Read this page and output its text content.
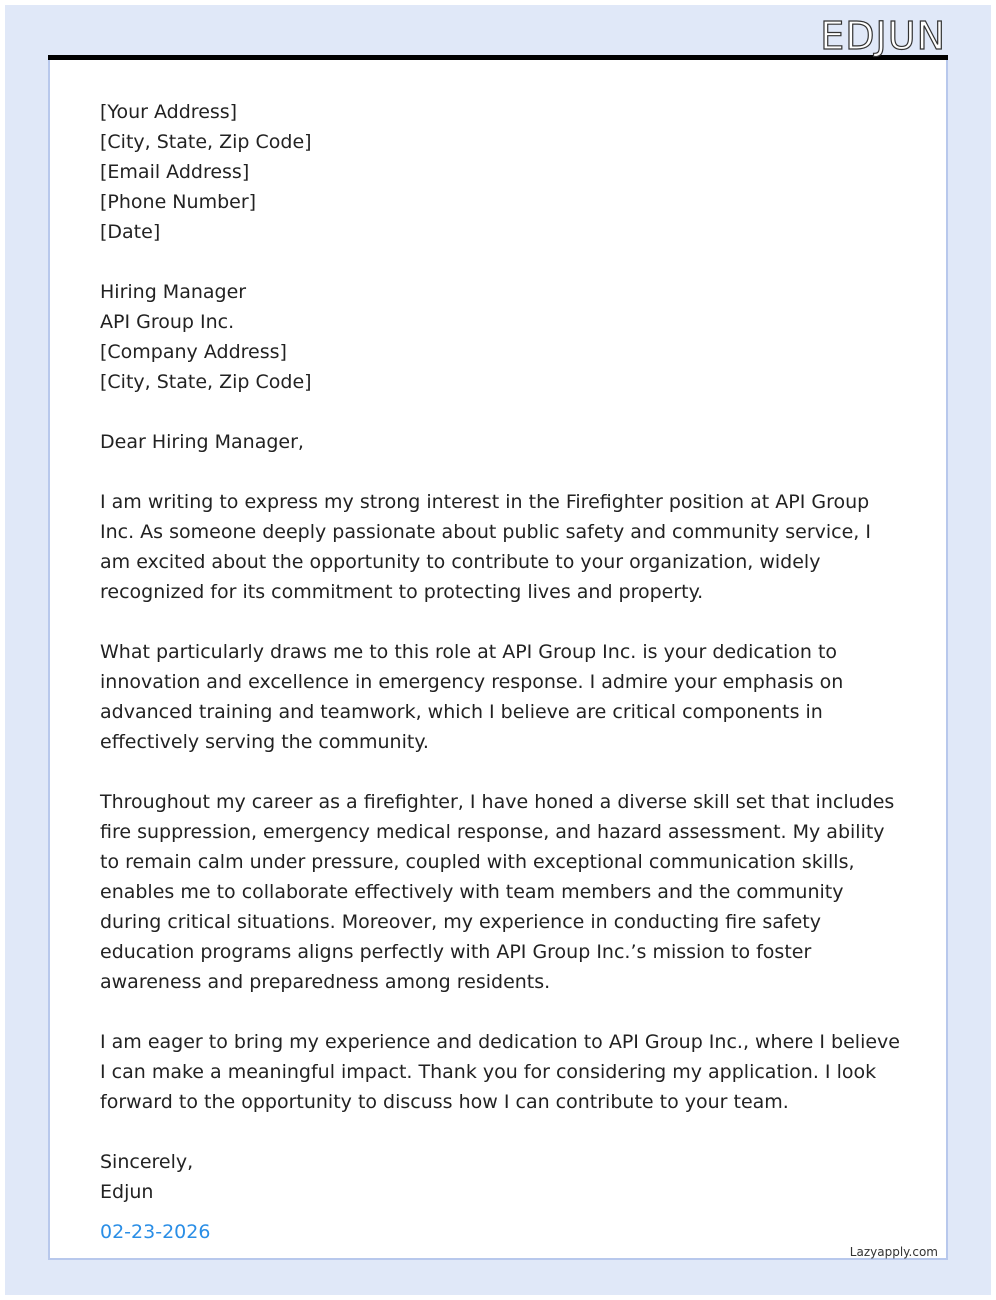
EDJUN
[Your Address]
[City, State, Zip Code]
[Email Address]
[Phone Number]
[Date]
Hiring Manager
API Group Inc.
[Company Address]
[City, State, Zip Code]
Dear Hiring Manager,
I am writing to express my strong interest in the Firefighter position at API Group Inc. As someone deeply passionate about public safety and community service, I am excited about the opportunity to contribute to your organization, widely recognized for its commitment to protecting lives and property.
What particularly draws me to this role at API Group Inc. is your dedication to innovation and excellence in emergency response. I admire your emphasis on advanced training and teamwork, which I believe are critical components in effectively serving the community.
Throughout my career as a firefighter, I have honed a diverse skill set that includes fire suppression, emergency medical response, and hazard assessment. My ability to remain calm under pressure, coupled with exceptional communication skills, enables me to collaborate effectively with team members and the community during critical situations. Moreover, my experience in conducting fire safety education programs aligns perfectly with API Group Inc.’s mission to foster awareness and preparedness among residents.
I am eager to bring my experience and dedication to API Group Inc., where I believe I can make a meaningful impact. Thank you for considering my application. I look forward to the opportunity to discuss how I can contribute to your team.
Sincerely,
Edjun
02-23-2026
Lazyapply.com
